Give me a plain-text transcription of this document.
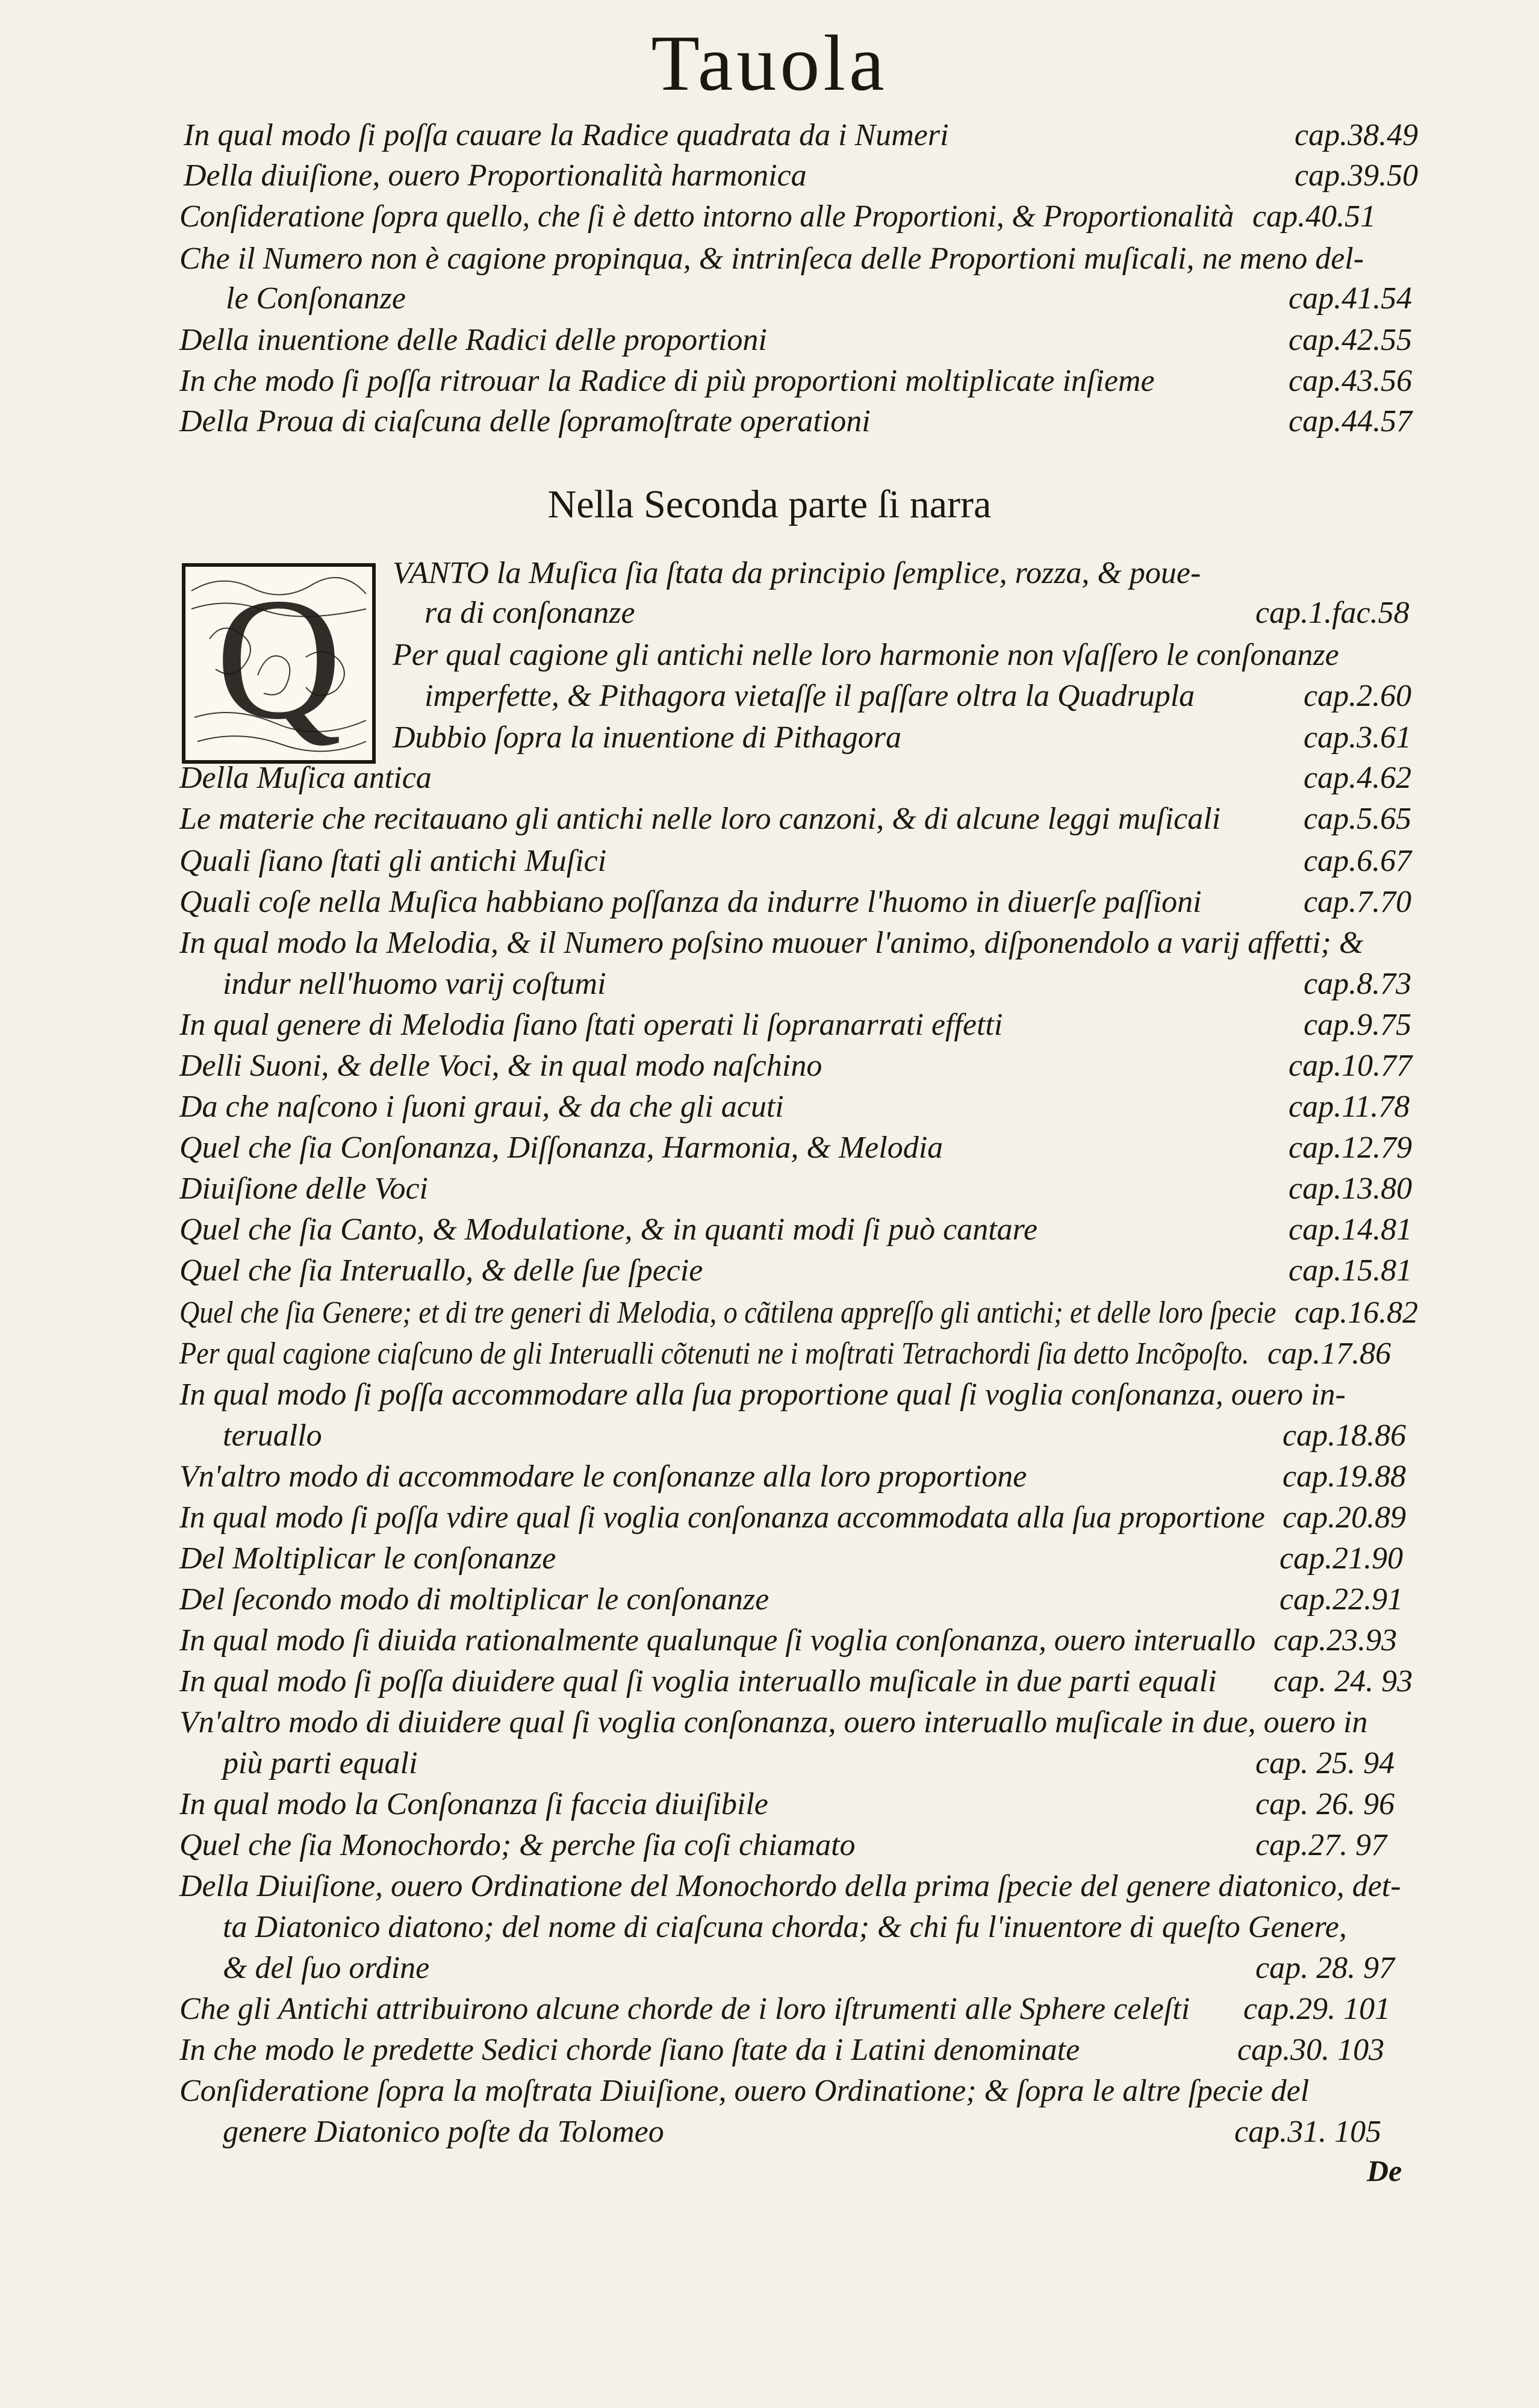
Tauola
In qual modo ſi poſſa cauare la Radice quadrata da i Numeri	cap.38.49
Della diuiſione, ouero Proportionalità harmonica	cap.39.50
Conſideratione ſopra quello, che ſi è detto intorno alle Proportioni, & Proportionalità cap.40.51
Che il Numero non è cagione propinqua, & intrinſeca delle Proportioni muſicali, ne meno del-
le Conſonanze	cap.41.54
Della inuentione delle Radici delle proportioni	cap.42.55
In che modo ſi poſſa ritrouar la Radice di più proportioni moltiplicate inſieme	cap.43.56
Della Proua di ciaſcuna delle ſopramoſtrate operationi	cap.44.57
Nella Seconda parte ſi narra
Q VANTO la Muſica ſia ſtata da principio ſemplice, rozza, & poue-
ra di conſonanze	cap.1.fac.58
Per qual cagione gli antichi nelle loro harmonie non vſaſſero le conſonanze
imperfette, & Pithagora vietaſſe il paſſare oltra la Quadrupla	cap.2.60
Dubbio ſopra la inuentione di Pithagora	cap.3.61
Della Muſica antica	cap.4.62
Le materie che recitauano gli antichi nelle loro canzoni, & di alcune leggi muſicali	cap.5.65
Quali ſiano ſtati gli antichi Muſici	cap.6.67
Quali coſe nella Muſica habbiano poſſanza da indurre l'huomo in diuerſe paſſioni	cap.7.70
In qual modo la Melodia, & il Numero poſsino muouer l'animo, diſponendolo a varij affetti; &
indur nell'huomo varij coſtumi	cap.8.73
In qual genere di Melodia ſiano ſtati operati li ſopranarrati effetti	cap.9.75
Delli Suoni, & delle Voci, & in qual modo naſchino	cap.10.77
Da che naſcono i ſuoni graui, & da che gli acuti	cap.11.78
Quel che ſia Conſonanza, Diſſonanza, Harmonia, & Melodia	cap.12.79
Diuiſione delle Voci	cap.13.80
Quel che ſia Canto, & Modulatione, & in quanti modi ſi può cantare	cap.14.81
Quel che ſia Interuallo, & delle ſue ſpecie	cap.15.81
Quel che ſia Genere; et di tre generi di Melodia, o cãtilena appreſſo gli antichi; et delle loro ſpecie cap.16.82
Per qual cagione ciaſcuno de gli Interualli cõtenuti ne i moſtrati Tetrachordi ſia detto Incõpoſto. cap.17.86
In qual modo ſi poſſa accommodare alla ſua proportione qual ſi voglia conſonanza, ouero in-
teruallo	cap.18.86
Vn'altro modo di accommodare le conſonanze alla loro proportione	cap.19.88
In qual modo ſi poſſa vdire qual ſi voglia conſonanza accommodata alla ſua proportione cap.20.89
Del Moltiplicar le conſonanze	cap.21.90
Del ſecondo modo di moltiplicar le conſonanze	cap.22.91
In qual modo ſi diuida rationalmente qualunque ſi voglia conſonanza, ouero interuallo cap.23.93
In qual modo ſi poſſa diuidere qual ſi voglia interuallo muſicale in due parti equali cap. 24. 93
Vn'altro modo di diuidere qual ſi voglia conſonanza, ouero interuallo muſicale in due, ouero in
più parti equali	cap. 25. 94
In qual modo la Conſonanza ſi faccia diuiſibile	cap. 26. 96
Quel che ſia Monochordo; & perche ſia coſi chiamato	cap.27. 97
Della Diuiſione, ouero Ordinatione del Monochordo della prima ſpecie del genere diatonico, det-
ta Diatonico diatono; del nome di ciaſcuna chorda; & chi fu l'inuentore di queſto Genere,
& del ſuo ordine	cap. 28. 97
Che gli Antichi attribuirono alcune chorde de i loro iſtrumenti alle Sphere celeſti cap.29. 101
In che modo le predette Sedici chorde ſiano ſtate da i Latini denominate	cap.30. 103
Conſideratione ſopra la moſtrata Diuiſione, ouero Ordinatione; & ſopra le altre ſpecie del
genere Diatonico poſte da Tolomeo	cap.31. 105
De
